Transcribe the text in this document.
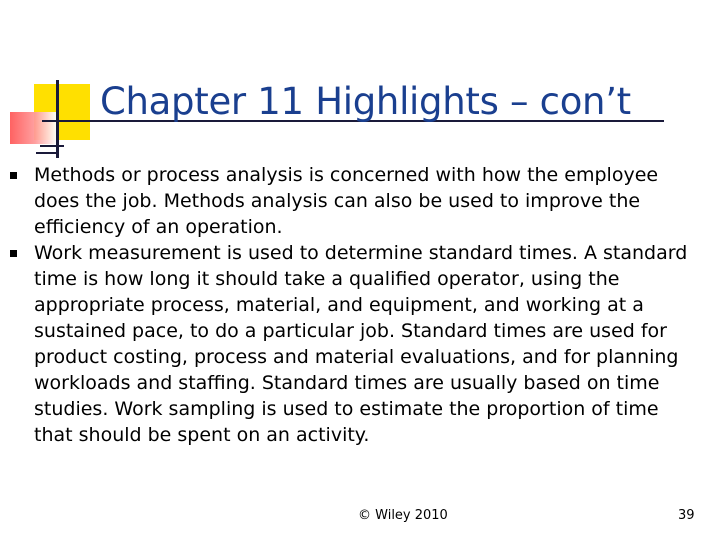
Chapter 11 Highlights – con’t
Methods or process analysis is concerned with how the employee does the job. Methods analysis can also be used to improve the efficiency of an operation.
Work measurement is used to determine standard times. A standard time is how long it should take a qualified operator, using the appropriate process, material, and equipment, and working at a sustained pace, to do a particular job. Standard times are used for product costing, process and material evaluations, and for planning workloads and staffing. Standard times are usually based on time studies. Work sampling is used to estimate the proportion of time that should be spent on an activity.
© Wiley 2010	39
